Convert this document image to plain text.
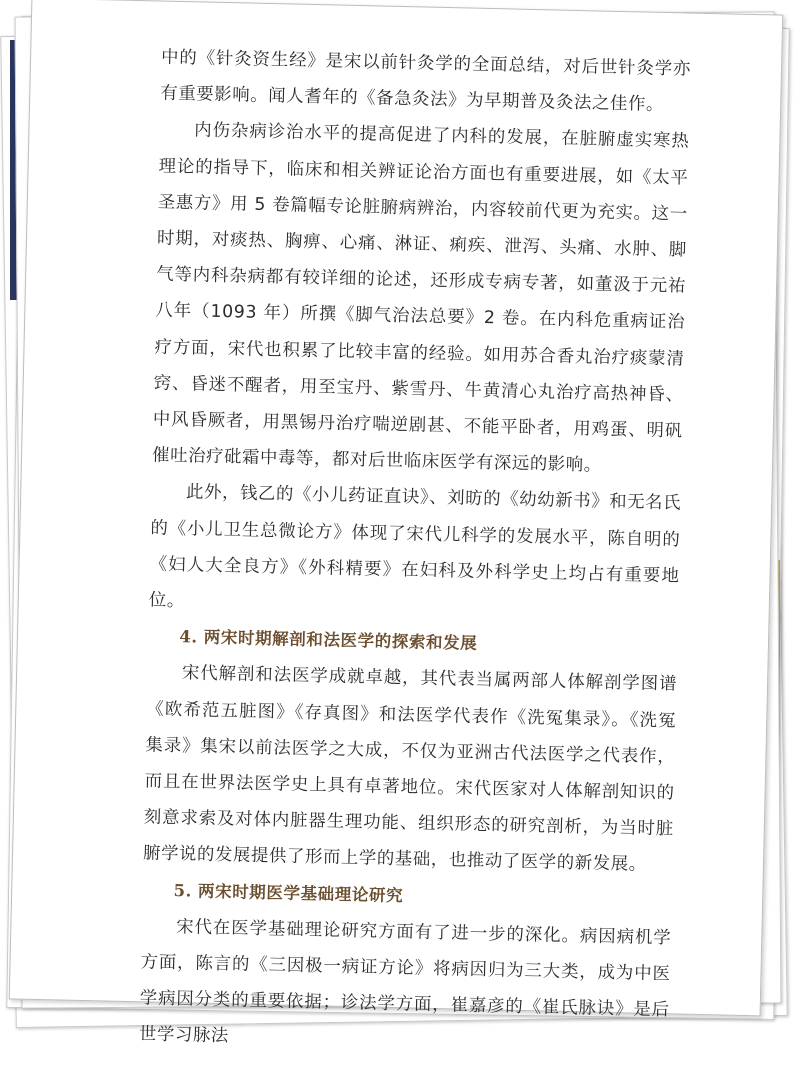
中的《针灸资生经》是宋以前针灸学的全面总结，对后世针灸学亦有重要影响。闻人耆年的《备急灸法》为早期普及灸法之佳作。

内伤杂病诊治水平的提高促进了内科的发展，在脏腑虚实寒热理论的指导下，临床和相关辨证论治方面也有重要进展，如《太平圣惠方》用 5 卷篇幅专论脏腑病辨治，内容较前代更为充实。这一时期，对痰热、胸痹、心痛、淋证、痢疾、泄泻、头痛、水肿、脚气等内科杂病都有较详细的论述，还形成专病专著，如董汲于元祐八年（1093 年）所撰《脚气治法总要》2 卷。在内科危重病证治疗方面，宋代也积累了比较丰富的经验。如用苏合香丸治疗痰蒙清窍、昏迷不醒者，用至宝丹、紫雪丹、牛黄清心丸治疗高热神昏、中风昏厥者，用黑锡丹治疗喘逆剧甚、不能平卧者，用鸡蛋、明矾催吐治疗砒霜中毒等，都对后世临床医学有深远的影响。

此外，钱乙的《小儿药证直诀》、刘昉的《幼幼新书》和无名氏的《小儿卫生总微论方》体现了宋代儿科学的发展水平，陈自明的《妇人大全良方》《外科精要》在妇科及外科学史上均占有重要地位。

4. 两宋时期解剖和法医学的探索和发展

宋代解剖和法医学成就卓越，其代表当属两部人体解剖学图谱《欧希范五脏图》《存真图》和法医学代表作《洗冤集录》。《洗冤集录》集宋以前法医学之大成，不仅为亚洲古代法医学之代表作，而且在世界法医学史上具有卓著地位。宋代医家对人体解剖知识的刻意求索及对体内脏器生理功能、组织形态的研究剖析，为当时脏腑学说的发展提供了形而上学的基础，也推动了医学的新发展。

5. 两宋时期医学基础理论研究

宋代在医学基础理论研究方面有了进一步的深化。病因病机学方面，陈言的《三因极一病证方论》将病因归为三大类，成为中医学病因分类的重要依据；诊法学方面，崔嘉彦的《崔氏脉诀》是后世学习脉法
